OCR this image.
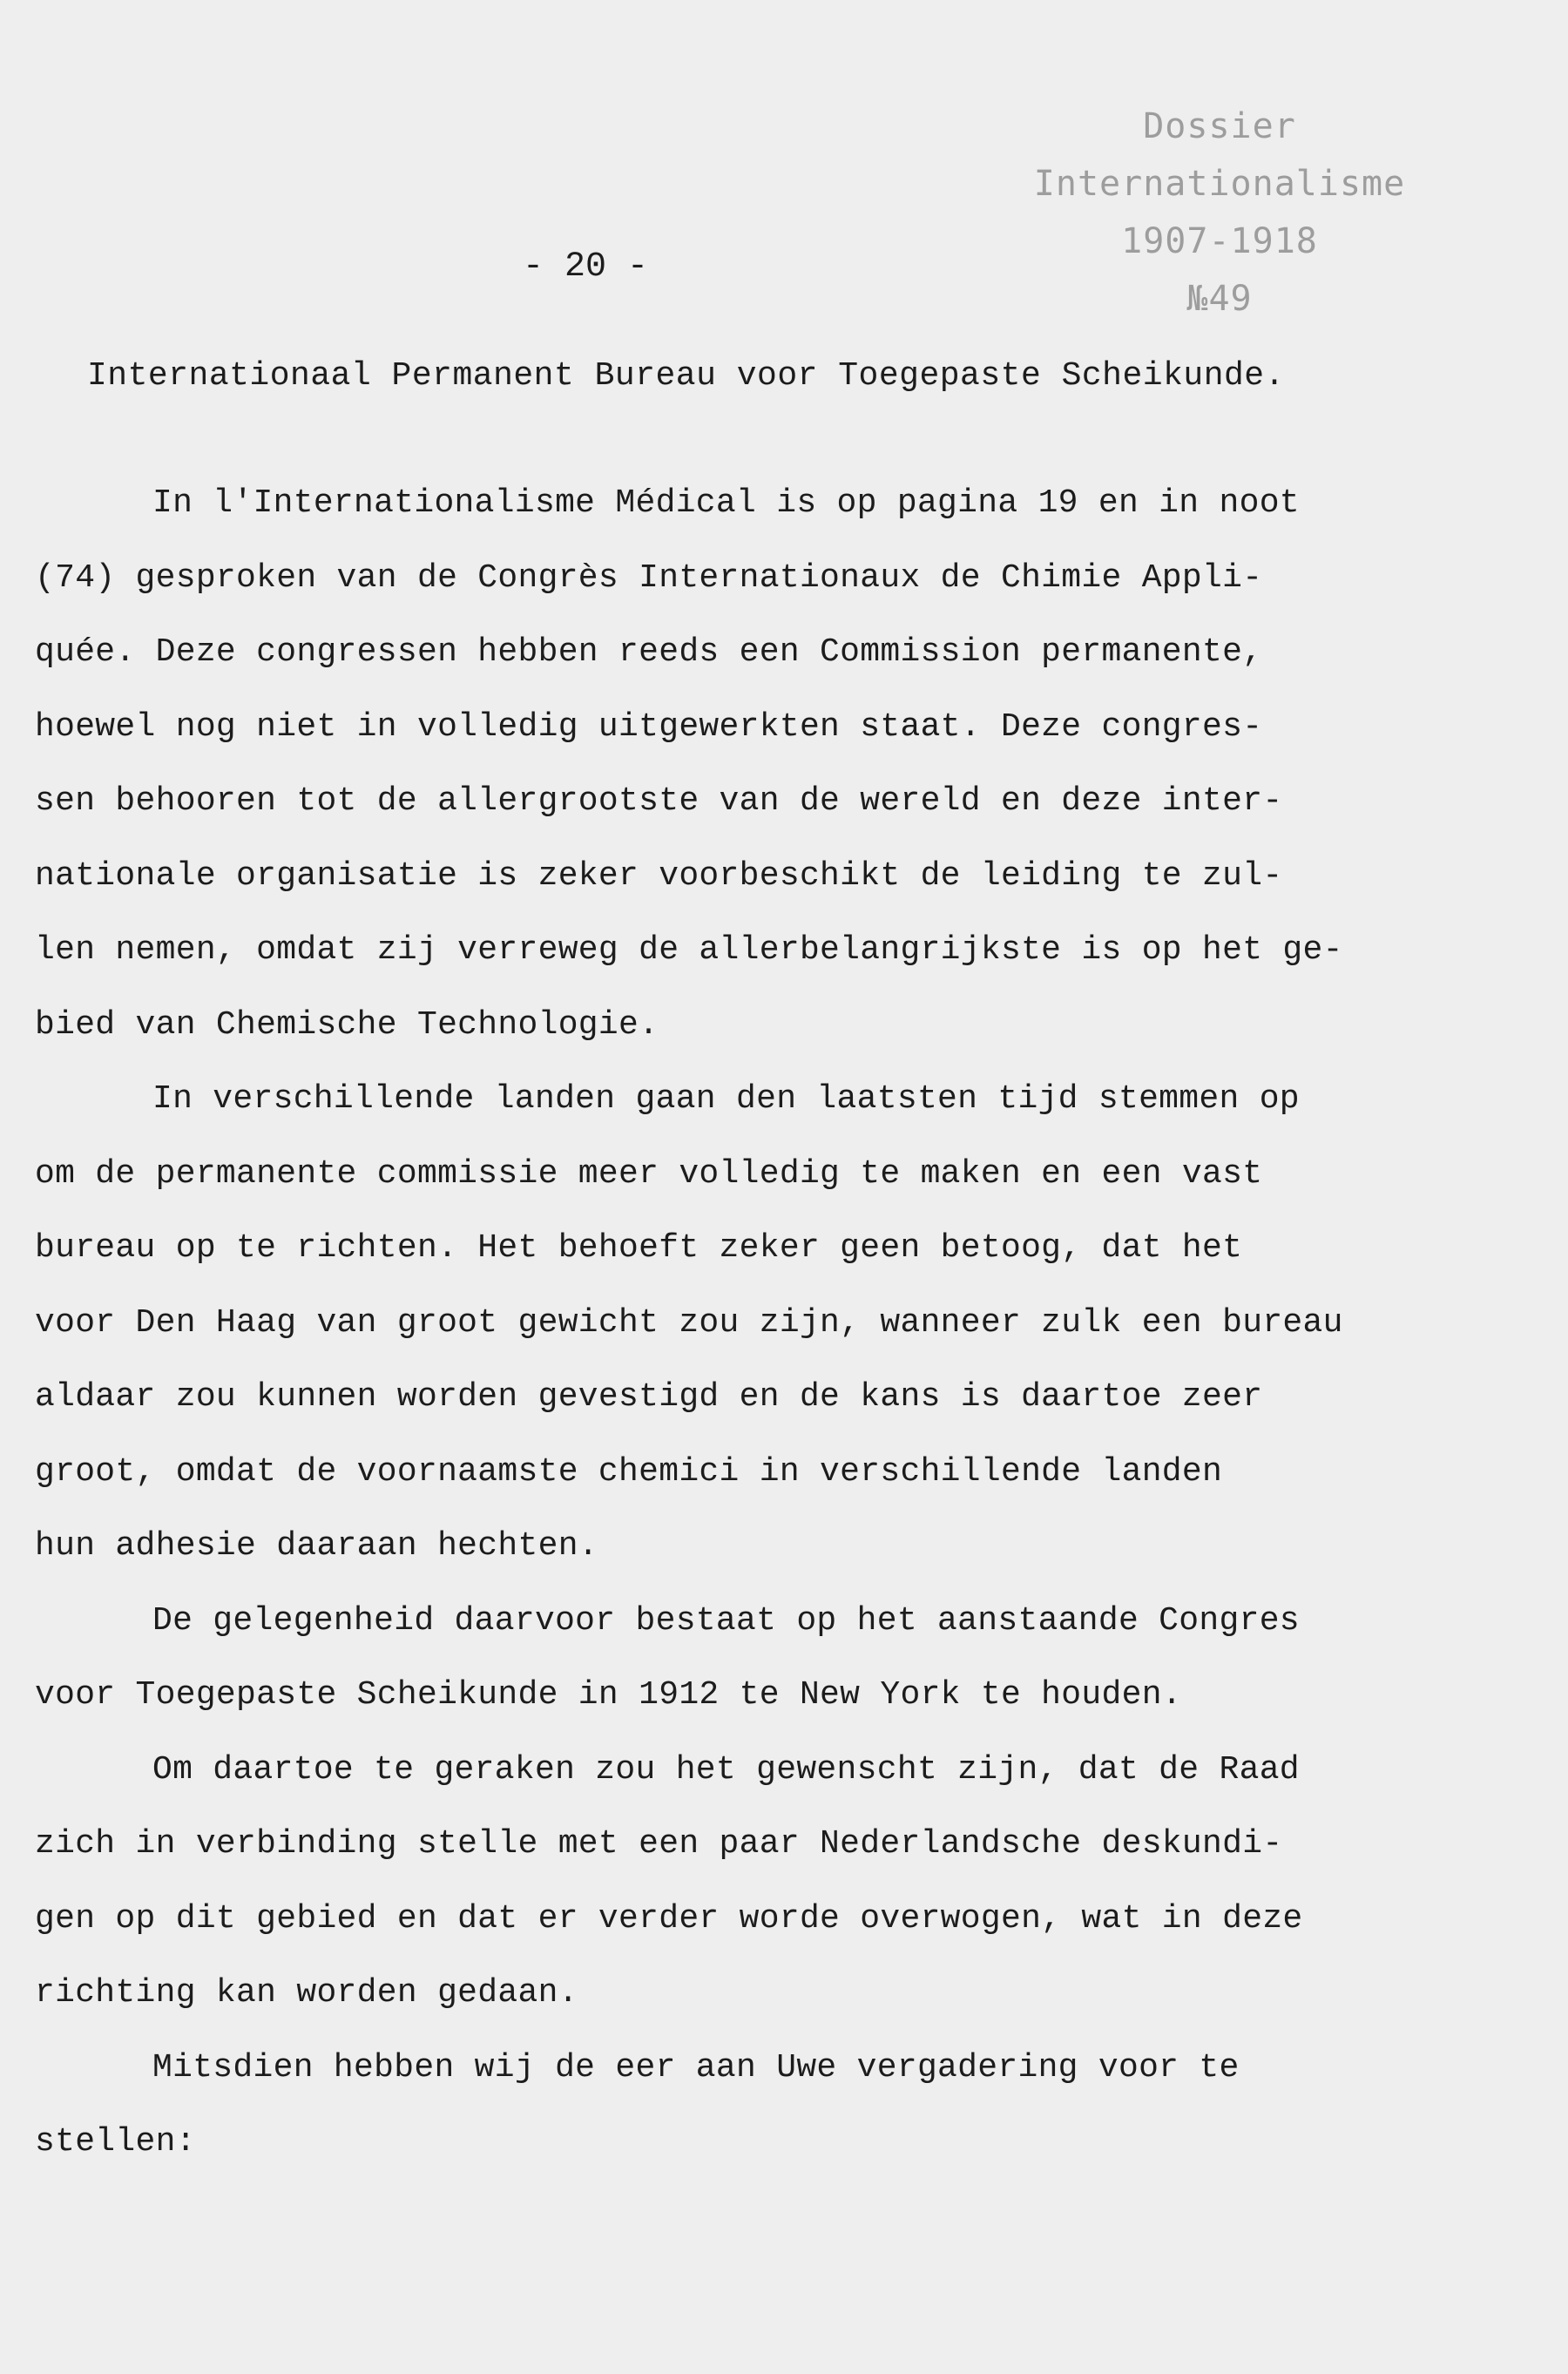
Dossier
Internationalisme
1907-1918
№49
- 20 -
Internationaal Permanent Bureau voor Toegepaste Scheikunde.

In l'Internationalisme Médical is op pagina 19 en in noot
(74) gesproken van de Congrès Internationaux de Chimie Appli-
quée. Deze congressen hebben reeds een Commission permanente,
hoewel nog niet in volledig uitgewerkten staat. Deze congres-
sen behooren tot de allergrootste van de wereld en deze inter-
nationale organisatie is zeker voorbeschikt de leiding te zul-
len nemen, omdat zij verreweg de allerbelangrijkste is op het ge-
bied van Chemische Technologie.

In verschillende landen gaan den laatsten tijd stemmen op
om de permanente commissie meer volledig te maken en een vast
bureau op te richten. Het behoeft zeker geen betoog, dat het
voor Den Haag van groot gewicht zou zijn, wanneer zulk een bureau
aldaar zou kunnen worden gevestigd en de kans is daartoe zeer
groot, omdat de voornaamste chemici in verschillende landen
hun adhesie daaraan hechten.

De gelegenheid daarvoor bestaat op het aanstaande Congres
voor Toegepaste Scheikunde in 1912 te New York te houden.

Om daartoe te geraken zou het gewenscht zijn, dat de Raad
zich in verbinding stelle met een paar Nederlandsche deskundi-
gen op dit gebied en dat er verder worde overwogen, wat in deze
richting kan worden gedaan.

Mitsdien hebben wij de eer aan Uwe vergadering voor te
stellen:
